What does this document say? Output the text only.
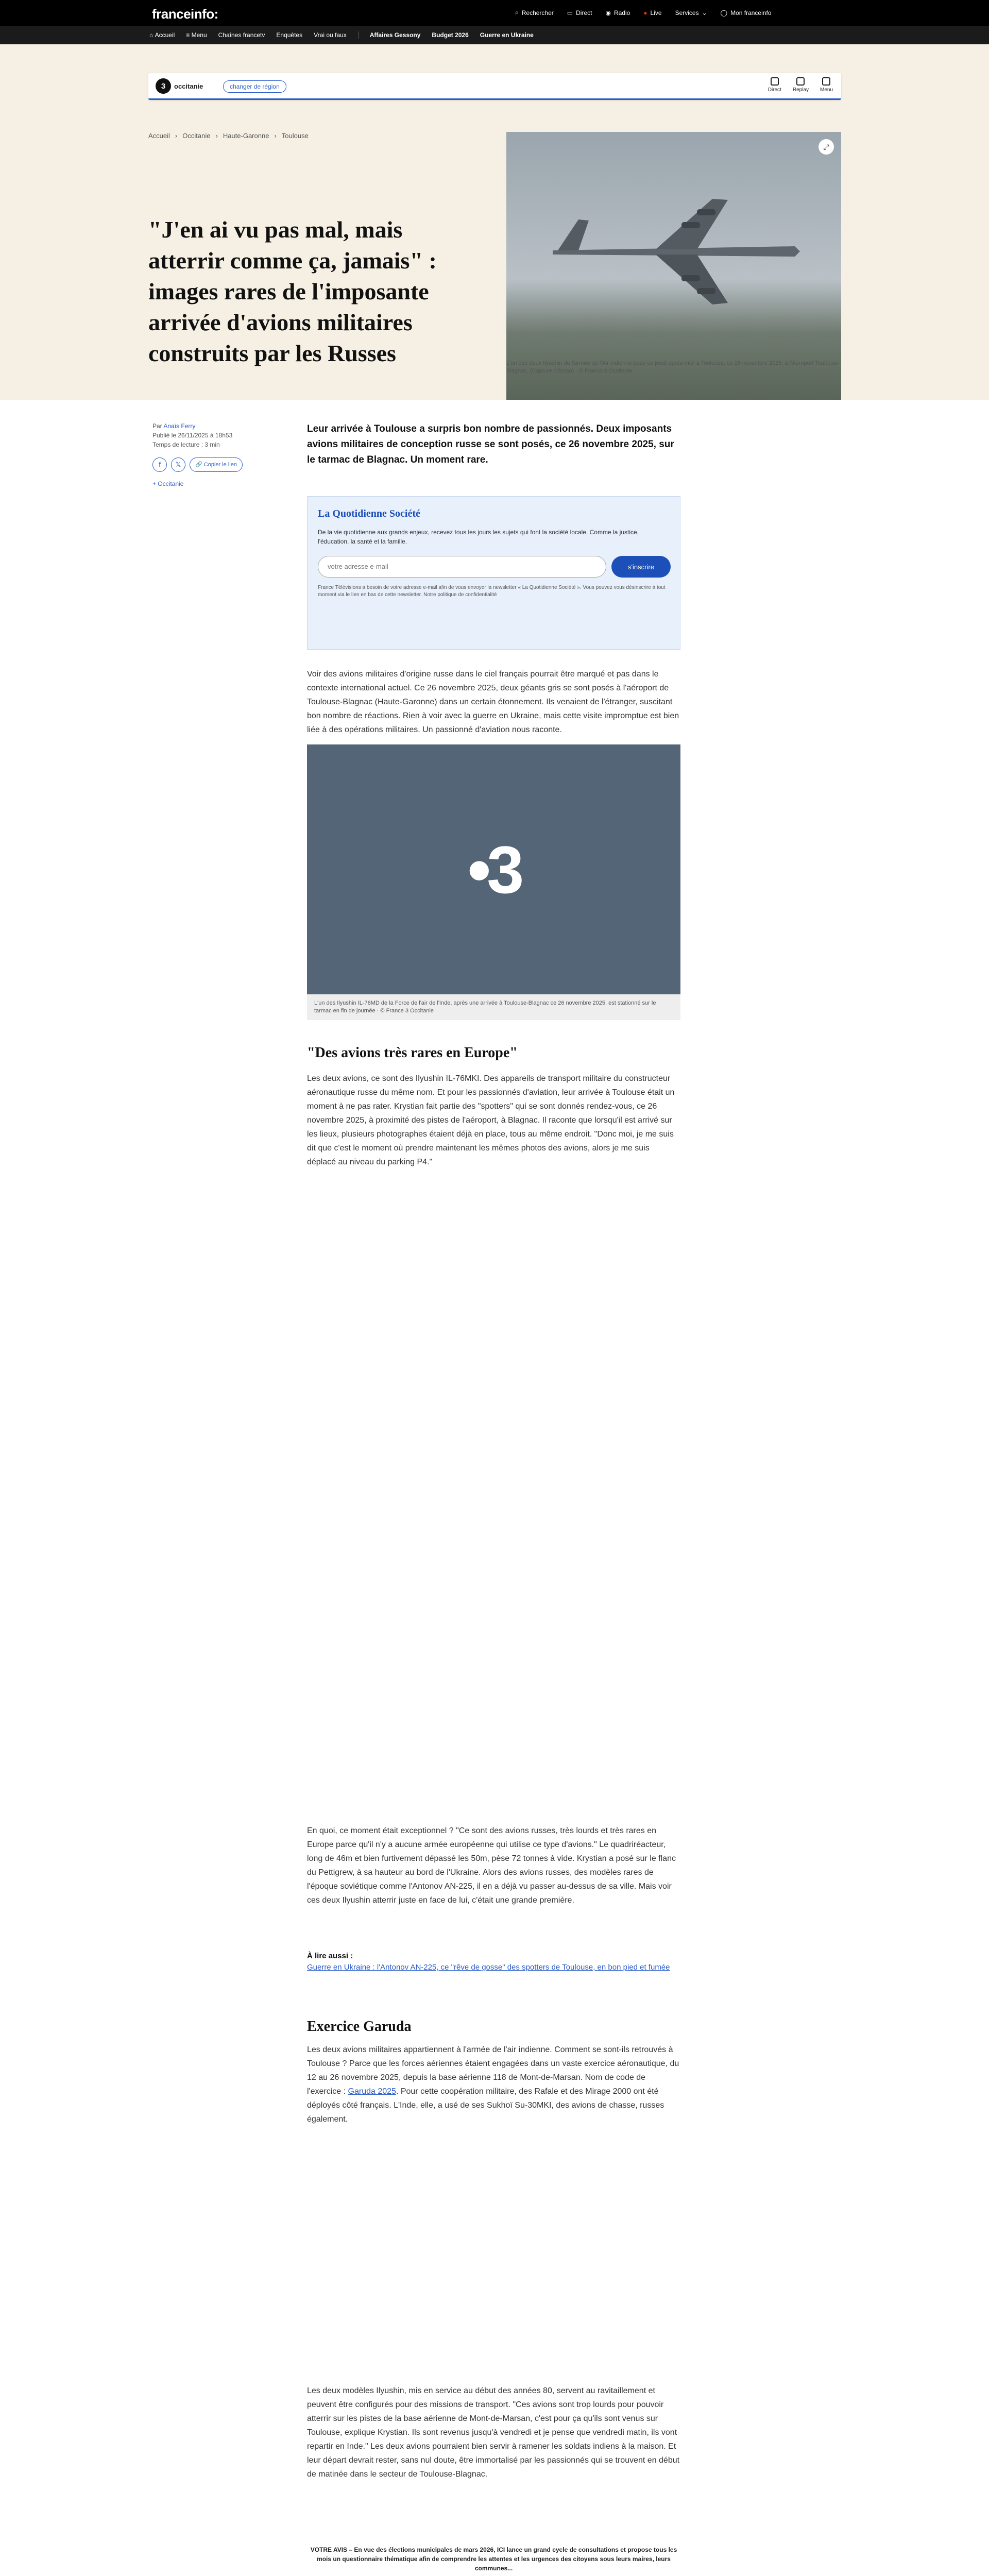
franceinfo:	⌕ Rechercher ▭ Direct ◉ Radio ● Live Services ⌄ ◯ Mon franceinfo
⌂ Accueil ≡ Menu Chaînes francetv Enquêtes Vrai ou faux	Affaires Gessony Budget 2026 Guerre en Ukraine
3	occitanie	changer de région	Direct Replay Menu
Accueil › Occitanie › Haute-Garonne › Toulouse
"J'en ai vu pas mal, mais atterrir comme ça, jamais" : images rares de l'imposante arrivée d'avions militaires construits par les Russes
⤢
L'un des deux Ilyushin de l'armée de l'Air indienne posé ce jeudi après-midi à Toulouse, ce 26 novembre 2025, à l'Aéroport Toulouse-Blagnac. (Capture d'écran) · © France 3 Occitanie
Par Anaïs Ferry
Publié le 26/11/2025 à 18h53
Temps de lecture : 3 min
f	𝕏	🔗 Copier le lien
+ Occitanie

Leur arrivée à Toulouse a surpris bon nombre de passionnés. Deux imposants avions militaires de conception russe se sont posés, ce 26 novembre 2025, sur le tarmac de Blagnac. Un moment rare.

La Quotidienne Société

De la vie quotidienne aux grands enjeux, recevez tous les jours les sujets qui font la société locale. Comme la justice, l'éducation, la santé et la famille.

votre adresse e-mail	s'inscrire

France Télévisions a besoin de votre adresse e-mail afin de vous envoyer la newsletter « La Quotidienne Société ». Vous pouvez vous désinscrire à tout moment via le lien en bas de cette newsletter. Notre politique de confidentialité

Voir des avions militaires d'origine russe dans le ciel français pourrait être marqué et pas dans le contexte international actuel. Ce 26 novembre 2025, deux géants gris se sont posés à l'aéroport de Toulouse-Blagnac (Haute-Garonne) dans un certain étonnement. Ils venaient de l'étranger, suscitant bon nombre de réactions. Rien à voir avec la guerre en Ukraine, mais cette visite impromptue est bien liée à des opérations militaires. Un passionné d'aviation nous raconte.

•3
L'un des Ilyushin IL-76MD de la Force de l'air de l'Inde, après une arrivée à Toulouse-Blagnac ce 26 novembre 2025, est stationné sur le tarmac en fin de journée · © France 3 Occitanie
"Des avions très rares en Europe"

Les deux avions, ce sont des Ilyushin IL-76MKI. Des appareils de transport militaire du constructeur aéronautique russe du même nom. Et pour les passionnés d'aviation, leur arrivée à Toulouse était un moment à ne pas rater. Krystian fait partie des "spotters" qui se sont donnés rendez-vous, ce 26 novembre 2025, à proximité des pistes de l'aéroport, à Blagnac. Il raconte que lorsqu'il est arrivé sur les lieux, plusieurs photographes étaient déjà en place, tous au même endroit. "Donc moi, je me suis dit que c'est le moment où prendre maintenant les mêmes photos des avions, alors je me suis déplacé au niveau du parking P4."

En quoi, ce moment était exceptionnel ? "Ce sont des avions russes, très lourds et très rares en Europe parce qu'il n'y a aucune armée européenne qui utilise ce type d'avions." Le quadriréacteur, long de 46m et bien furtivement dépassé les 50m, pèse 72 tonnes à vide. Krystian a posé sur le flanc du Pettigrew, à sa hauteur au bord de l'Ukraine. Alors des avions russes, des modèles rares de l'époque soviétique comme l'Antonov AN-225, il en a déjà vu passer au-dessus de sa ville. Mais voir ces deux Ilyushin atterrir juste en face de lui, c'était une grande première.

À lire aussi :
Guerre en Ukraine : l'Antonov AN-225, ce "rêve de gosse" des spotters de Toulouse, en bon pied et fumée
Exercice Garuda

Les deux avions militaires appartiennent à l'armée de l'air indienne. Comment se sont-ils retrouvés à Toulouse ? Parce que les forces aériennes étaient engagées dans un vaste exercice aéronautique, du 12 au 26 novembre 2025, depuis la base aérienne 118 de Mont-de-Marsan. Nom de code de l'exercice : Garuda 2025. Pour cette coopération militaire, des Rafale et des Mirage 2000 ont été déployés côté français. L'Inde, elle, a usé de ses Sukhoï Su-30MKI, des avions de chasse, russes également.

Les deux modèles Ilyushin, mis en service au début des années 80, servent au ravitaillement et peuvent être configurés pour des missions de transport. "Ces avions sont trop lourds pour pouvoir atterrir sur les pistes de la base aérienne de Mont-de-Marsan, c'est pour ça qu'ils sont venus sur Toulouse, explique Krystian. Ils sont revenus jusqu'à vendredi et je pense que vendredi matin, ils vont repartir en Inde." Les deux avions pourraient bien servir à ramener les soldats indiens à la maison. Et leur départ devrait rester, sans nul doute, être immortalisé par les passionnés qui se trouvent en début de matinée dans le secteur de Toulouse-Blagnac.

VOTRE AVIS – En vue des élections municipales de mars 2026, ICI lance un grand cycle de consultations et propose tous les mois un questionnaire thématique afin de comprendre les attentes et les urgences des citoyens sous leurs maires, leurs communes...
